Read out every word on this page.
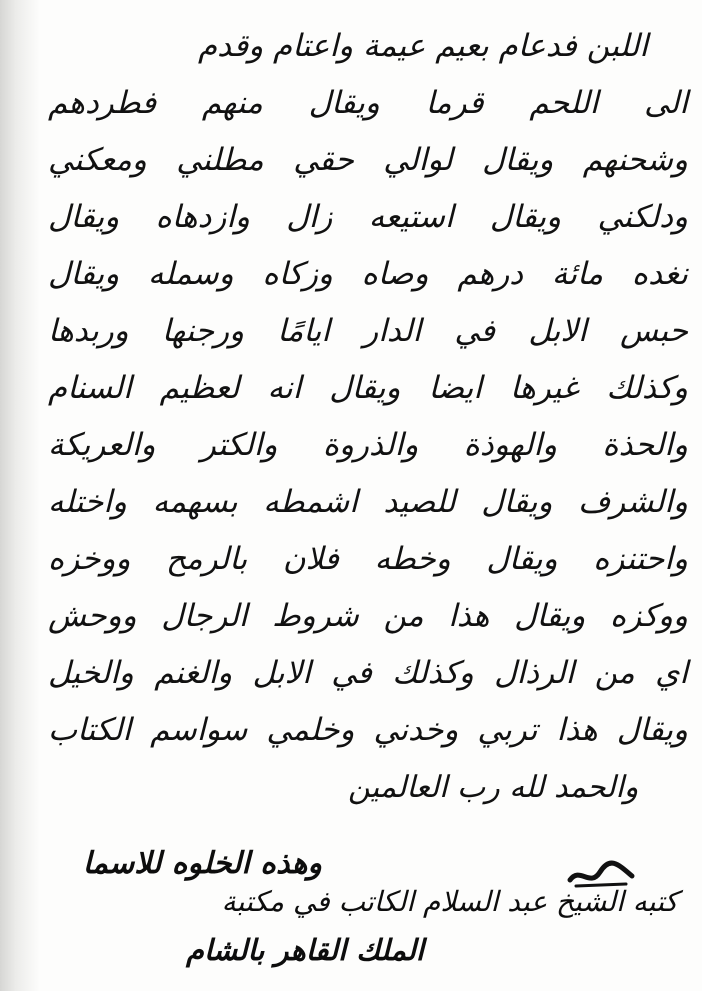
اللبن فدعام بعيم عيمة واعتام وقدم
الى اللحم قرما ويقال منهم فطردهم
وشحنهم ويقال لوالي حقي مطلني ومعكني
ودلكني ويقال استيعه زال وازدهاه ويقال
نغده مائة درهم وصاه وزكاه وسمله ويقال
حبس الابل في الدار ايامًا ورجنها وربدها
وكذلك غيرها ايضا ويقال انه لعظيم السنام
والحذة والهوذة والذروة والكتر والعريكة
والشرف ويقال للصيد اشمطه بسهمه واختله
واحتنزه ويقال وخطه فلان بالرمح ووخزه
ووكزه ويقال هذا من شروط الرجال ووحش
اي من الرذال وكذلك في الابل والغنم والخيل
ويقال هذا تربي وخدني وخلمي سواسم الكتاب
والحمد لله رب العالمين
وهذه الخلوه للاسما
كتبه الشيخ عبد السلام الكاتب في مكتبة
الملك القاهر بالشام
